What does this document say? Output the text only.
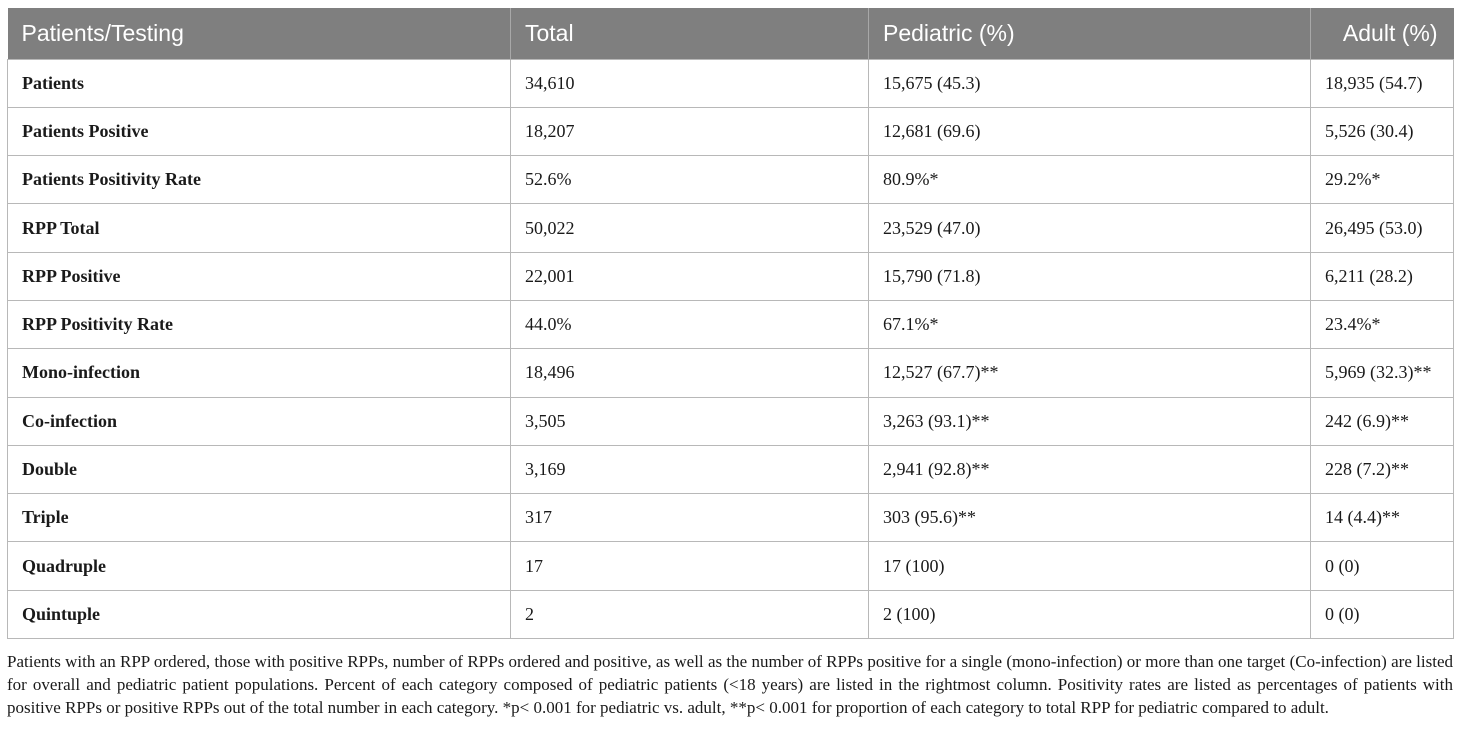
Patients/Testing	Total	Pediatric (%)	Adult (%)
Patients	34,610	15,675 (45.3)	18,935 (54.7)
Patients Positive	18,207	12,681 (69.6)	5,526 (30.4)
Patients Positivity Rate	52.6%	80.9%*	29.2%*
RPP Total	50,022	23,529 (47.0)	26,495 (53.0)
RPP Positive	22,001	15,790 (71.8)	6,211 (28.2)
RPP Positivity Rate	44.0%	67.1%*	23.4%*
Mono-infection	18,496	12,527 (67.7)**	5,969 (32.3)**
Co-infection	3,505	3,263 (93.1)**	242 (6.9)**
Double	3,169	2,941 (92.8)**	228 (7.2)**
Triple	317	303 (95.6)**	14 (4.4)**
Quadruple	17	17 (100)	0 (0)
Quintuple	2	2 (100)	0 (0)
Patients with an RPP ordered, those with positive RPPs, number of RPPs ordered and positive, as well as the number of RPPs positive for a single (mono-infection) or more than one target (Co-infection) are listed for overall and pediatric patient populations. Percent of each category composed of pediatric patients (<18 years) are listed in the rightmost column. Positivity rates are listed as percentages of patients with positive RPPs or positive RPPs out of the total number in each category. *p< 0.001 for pediatric vs. adult, **p< 0.001 for proportion of each category to total RPP for pediatric compared to adult.
